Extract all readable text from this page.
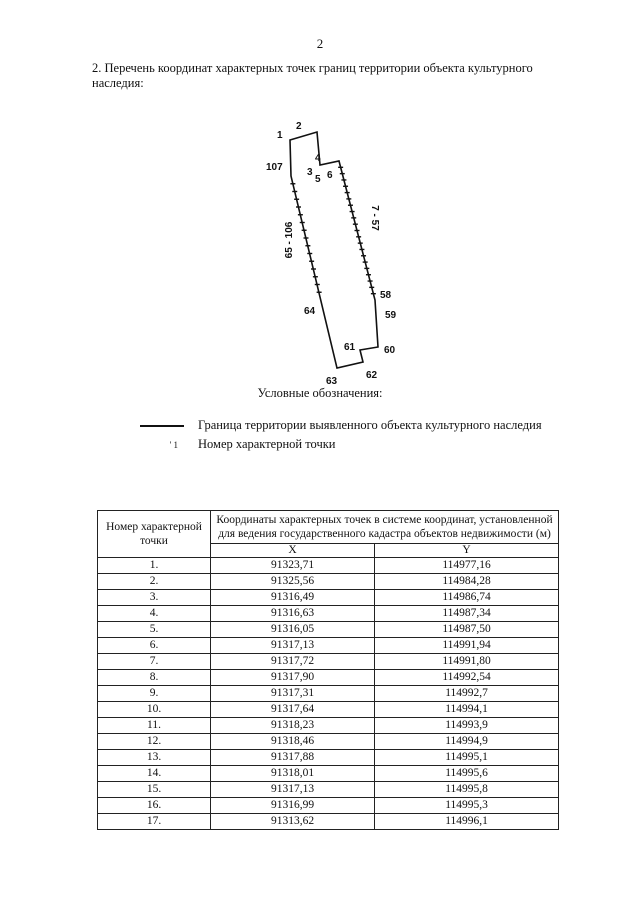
2
2. Перечень координат характерных точек границ территории объекта культурного наследия:
1
2
107
4
3
5 6
7 - 57
65 - 106
58
59
64
61	60
63
62
Условные обозначения:
Граница территории выявленного объекта культурного наследия
' 1 Номер характерной точки
Номер характерной точки	Координаты характерных точек в системе координат, установленной для ведения государственного кадастра объектов недвижимости (м)	
	X	Y
1.	91323,71	114977,16
2.	91325,56	114984,28
3.	91316,49	114986,74
4.	91316,63	114987,34
5.	91316,05	114987,50
6.	91317,13	114991,94
7.	91317,72	114991,80
8.	91317,90	114992,54
9.	91317,31	114992,7
10.	91317,64	114994,1
11.	91318,23	114993,9
12.	91318,46	114994,9
13.	91317,88	114995,1
14.	91318,01	114995,6
15.	91317,13	114995,8
16.	91316,99	114995,3
17.	91313,62	114996,1
